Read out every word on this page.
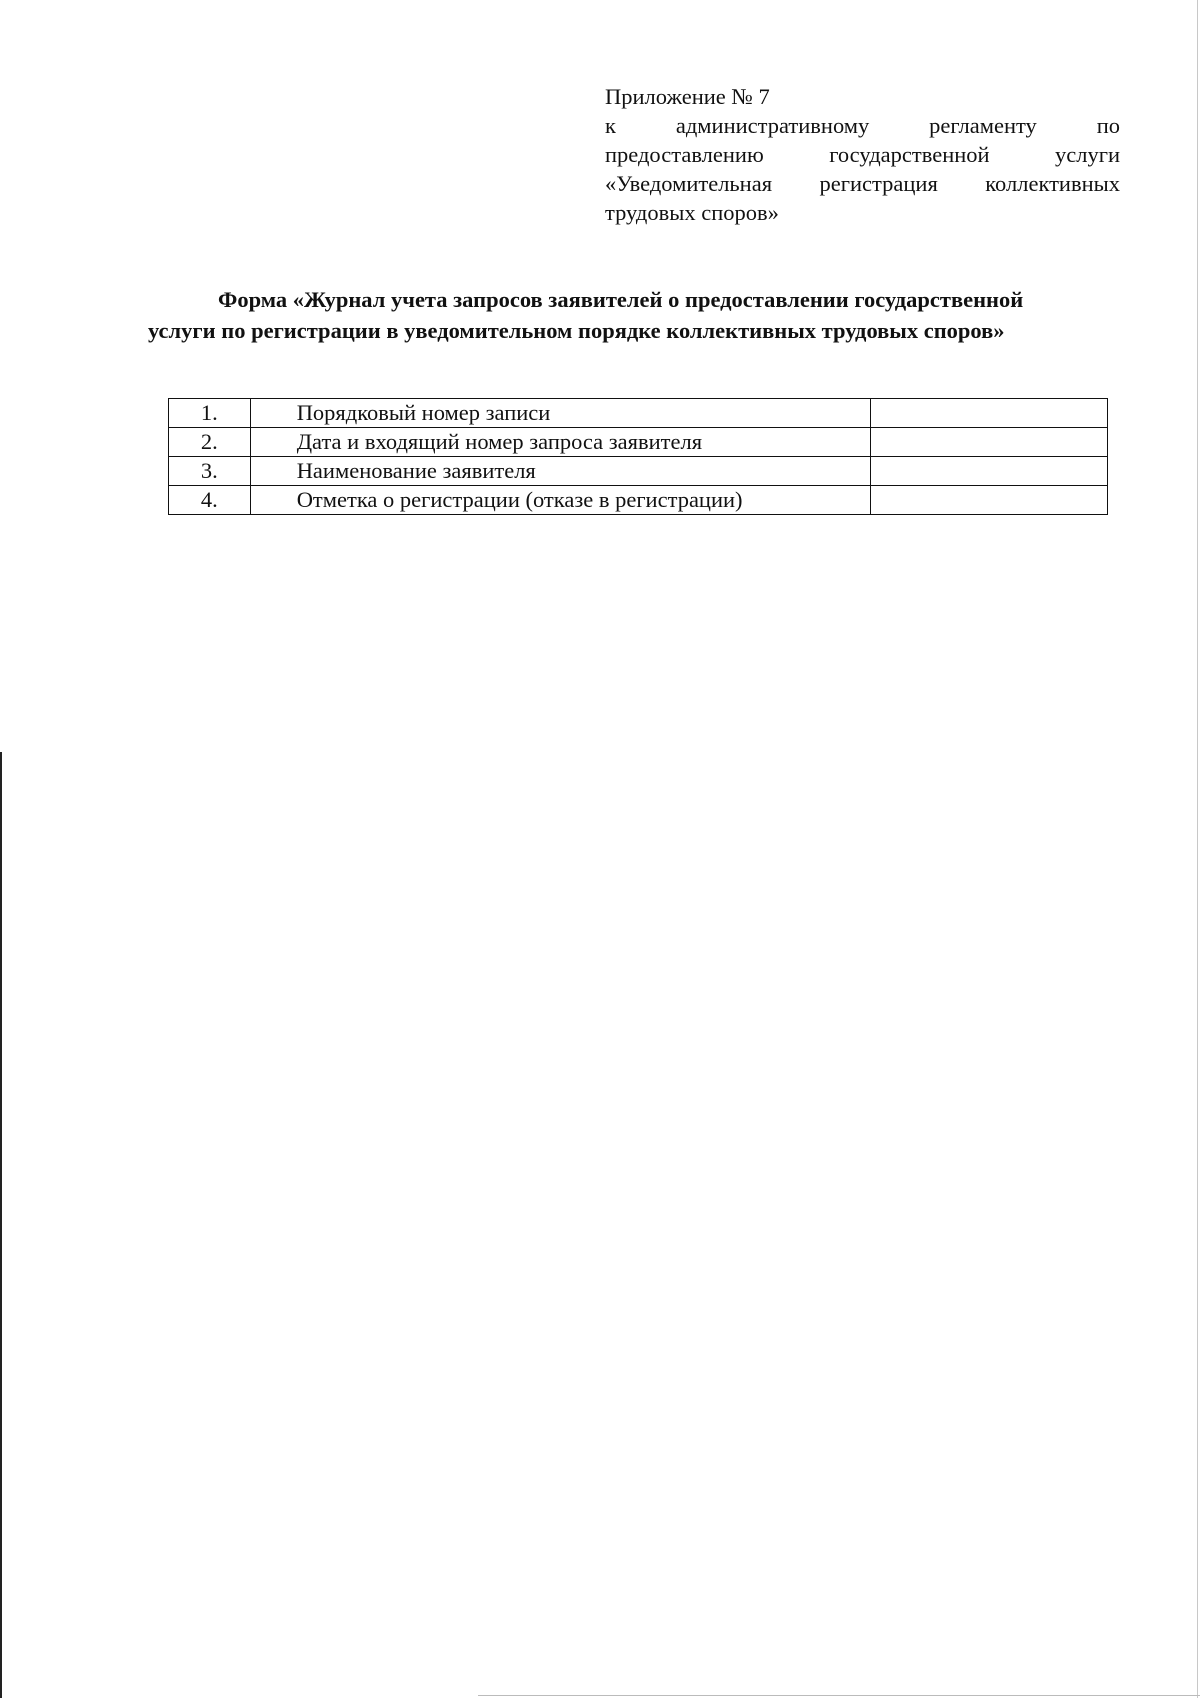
Приложение № 7
к административному регламенту по
предоставлению государственной услуги
«Уведомительная регистрация коллективных
трудовых споров»
Форма «Журнал учета запросов заявителей о предоставлении государственной
услуги по регистрации в уведомительном порядке коллективных трудовых споров»
1.	Порядковый номер записи	
2.	Дата и входящий номер запроса заявителя	
3.	Наименование заявителя	
4.	Отметка о регистрации (отказе в регистрации)	
